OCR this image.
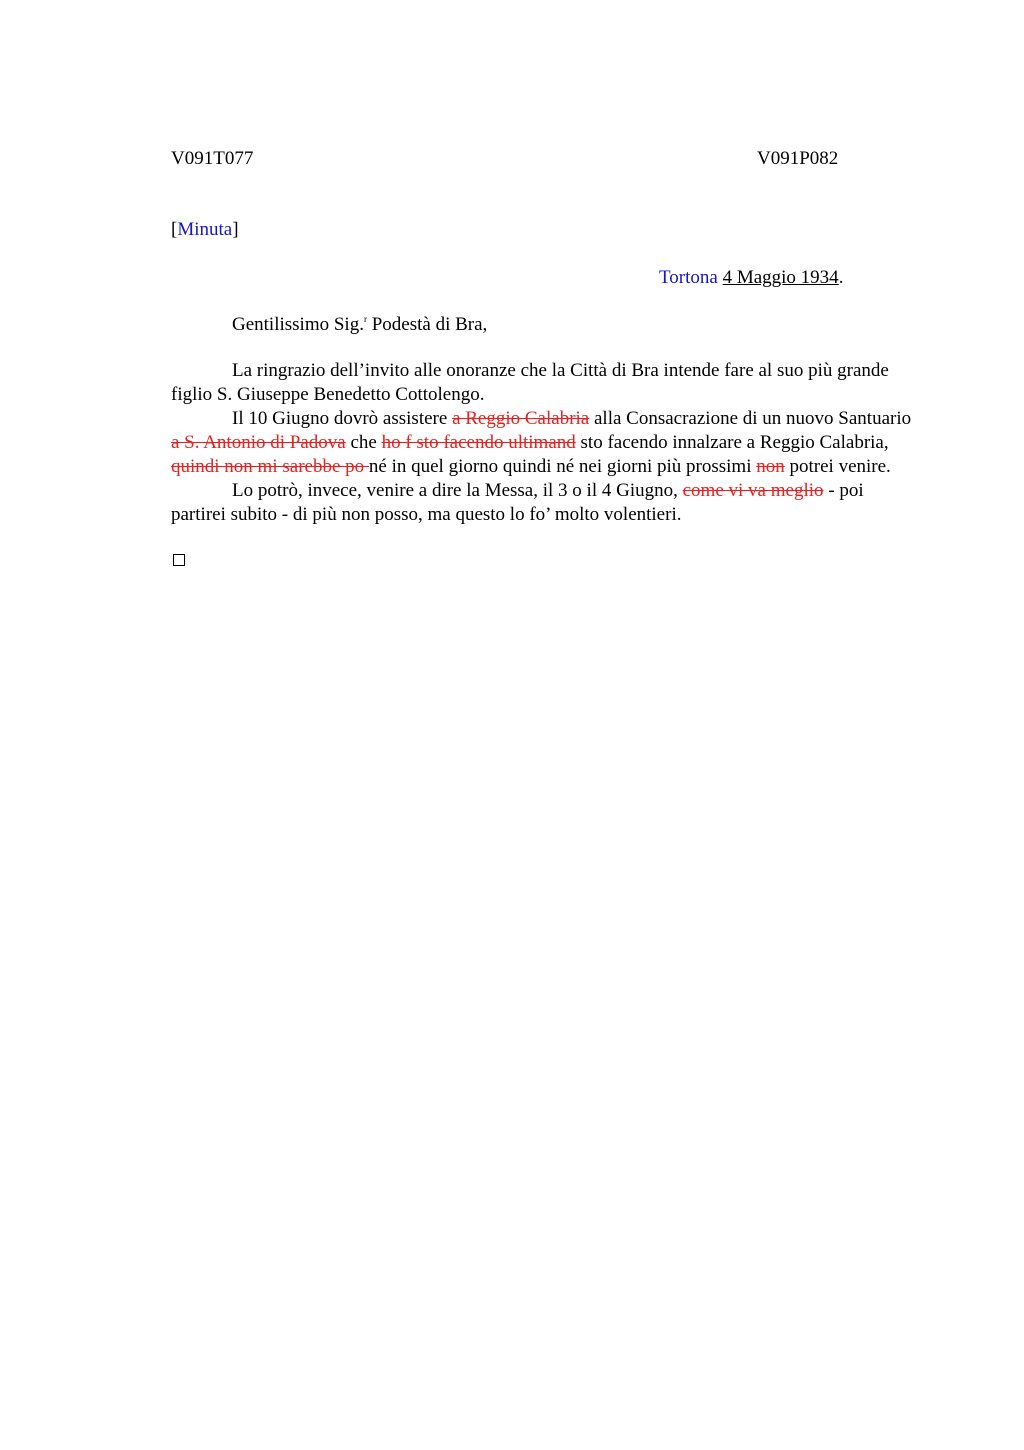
V091T077	V091P082
[Minuta]
Tortona 4 Maggio 1934.
Gentilissimo Sig.$^r$ Podestà di Bra,

La ringrazio dell’invito alle onoranze che la Città di Bra intende fare al suo più grande figlio S. Giuseppe Benedetto Cottolengo.

Il 10 Giugno dovrò assistere a Reggio Calabria alla Consacrazione di un nuovo Santuario a S. Antonio di Padova che ho f sto facendo ultimand sto facendo innalzare a Reggio Calabria, quindi non mi sarebbe po né in quel giorno quindi né nei giorni più prossimi non potrei venire.

Lo potrò, invece, venire a dire la Messa, il 3 o il 4 Giugno, come vi va meglio - poi partirei subito - di più non posso, ma questo lo fo’ molto volentieri.
